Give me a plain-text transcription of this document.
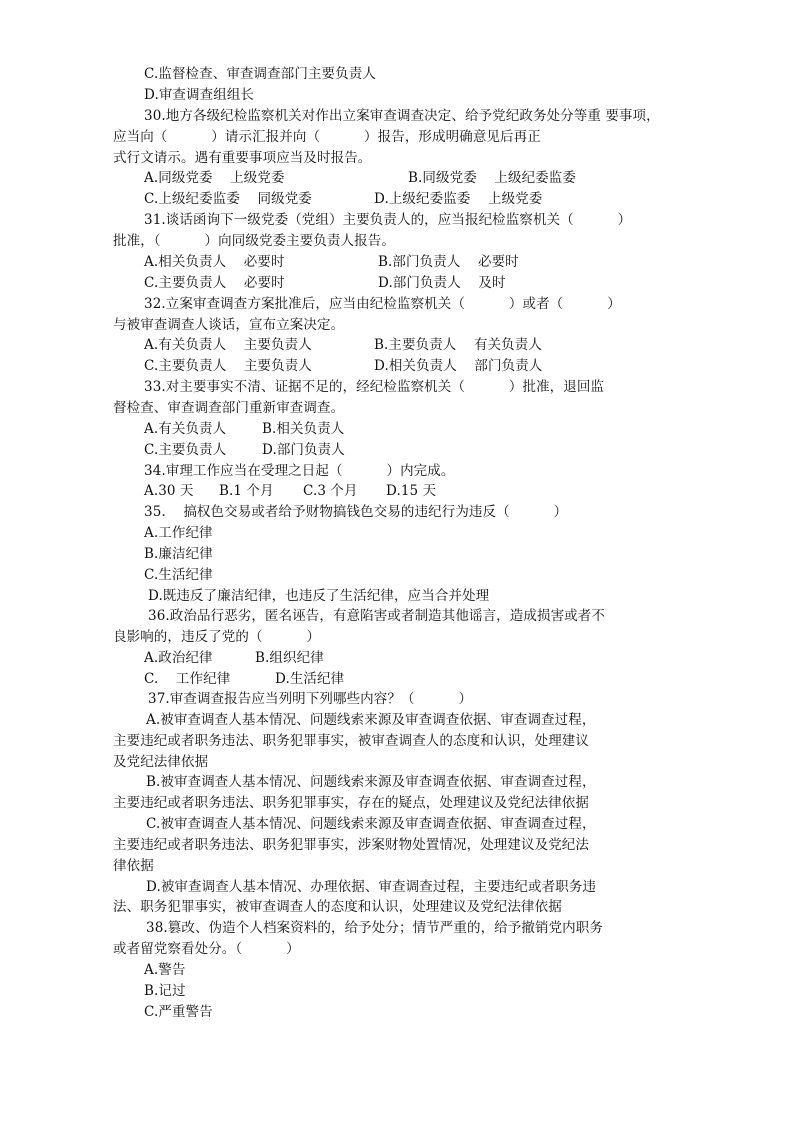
C.监督检查、审查调查部门主要负责人
D.审查调查组组长
30.地方各级纪检监察机关对作出立案审查调查决定、给予党纪政务处分等重 要事项，
应当向（          ）请示汇报并向（          ）报告，形成明确意见后再正
式行文请示。遇有重要事项应当及时报告。
A.同级党委    上级党委	B.同级党委    上级纪委监委
C.上级纪委监委    同级党委	D.上级纪委监委    上级党委
31.谈话函询下一级党委（党组）主要负责人的，应当报纪检监察机关（          ）
批准，（          ）向同级党委主要负责人报告。
A.相关负责人    必要时	B.部门负责人    必要时
C.主要负责人    必要时	D.部门负责人    及时
32.立案审查调查方案批准后，应当由纪检监察机关（          ）或者（          ）
与被审查调查人谈话，宣布立案决定。
A.有关负责人    主要负责人	B.主要负责人    有关负责人
C.主要负责人    主要负责人	D.相关负责人    部门负责人
33.对主要事实不清、证据不足的，经纪检监察机关（          ）批准，退回监
督检查、审查调查部门重新审查调查。
A.有关负责人	B.相关负责人
C.主要负责人	D.部门负责人
34.审理工作应当在受理之日起（          ）内完成。
A.30 天 B.1 个月 C.3 个月 D.15 天
35.    搞权色交易或者给予财物搞钱色交易的违纪行为违反（          ）
A.工作纪律
B.廉洁纪律
C.生活纪律
D.既违反了廉洁纪律，也违反了生活纪律，应当合并处理
36.政治品行恶劣，匿名诬告，有意陷害或者制造其他谣言，造成损害或者不
良影响的，违反了党的（          ）
A.政治纪律	B.组织纪律
C.    工作纪律	D.生活纪律
37.审查调查报告应当列明下列哪些内容？（          ）
A.被审查调查人基本情况、问题线索来源及审查调查依据、审查调查过程，
主要违纪或者职务违法、职务犯罪事实，被审查调查人的态度和认识，处理建议
及党纪法律依据
B.被审查调查人基本情况、问题线索来源及审查调查依据、审查调查过程，
主要违纪或者职务违法、职务犯罪事实，存在的疑点，处理建议及党纪法律依据
C.被审查调查人基本情况、问题线索来源及审查调查依据、审查调查过程，
主要违纪或者职务违法、职务犯罪事实，涉案财物处置情况，处理建议及党纪法
律依据
D.被审查调查人基本情况、办理依据、审查调查过程，主要违纪或者职务违
法、职务犯罪事实，被审查调查人的态度和认识，处理建议及党纪法律依据
38.篡改、伪造个人档案资料的，给予处分；情节严重的，给予撤销党内职务
或者留党察看处分。（          ）
A.警告
B.记过
C.严重警告
